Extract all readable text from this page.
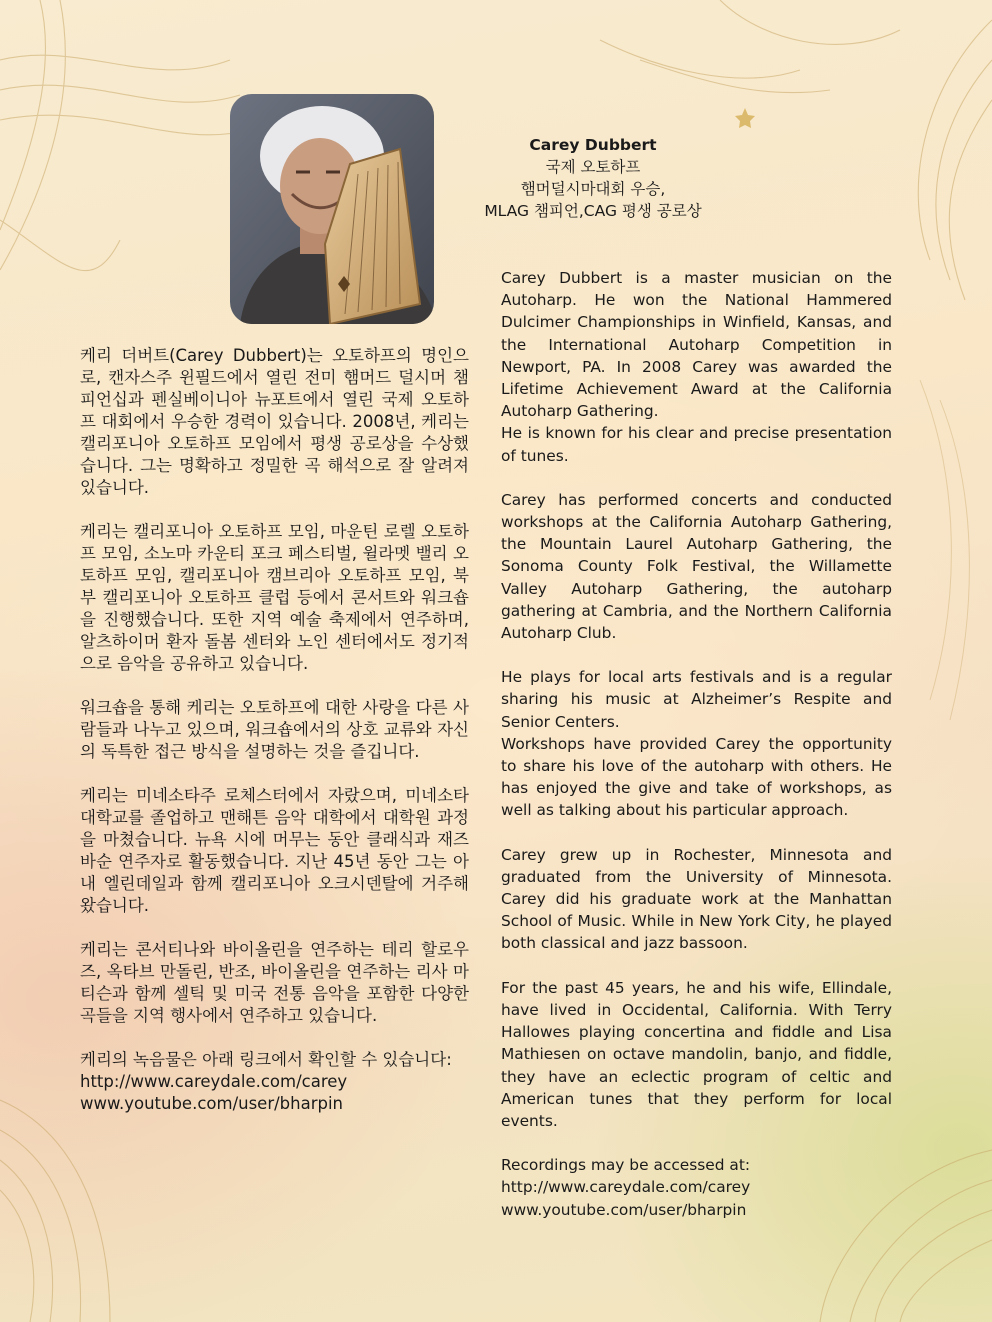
Carey Dubbert
국제 오토하프
햄머덜시마대회 우승,
MLAG 챔피언,CAG 평생 공로상

케리 더버트(Carey Dubbert)는 오토하프의 명인으로, 캔자스주 윈필드에서 열린 전미 햄머드 덜시머 챔피언십과 펜실베이니아 뉴포트에서 열린 국제 오토하프 대회에서 우승한 경력이 있습니다. 2008년, 케리는 캘리포니아 오토하프 모임에서 평생 공로상을 수상했습니다. 그는 명확하고 정밀한 곡 해석으로 잘 알려져 있습니다.

케리는 캘리포니아 오토하프 모임, 마운틴 로렐 오토하프 모임, 소노마 카운티 포크 페스티벌, 윌라멧 밸리 오토하프 모임, 캘리포니아 캠브리아 오토하프 모임, 북부 캘리포니아 오토하프 클럽 등에서 콘서트와 워크숍을 진행했습니다. 또한 지역 예술 축제에서 연주하며, 알츠하이머 환자 돌봄 센터와 노인 센터에서도 정기적으로 음악을 공유하고 있습니다.

워크숍을 통해 케리는 오토하프에 대한 사랑을 다른 사람들과 나누고 있으며, 워크숍에서의 상호 교류와 자신의 독특한 접근 방식을 설명하는 것을 즐깁니다.

케리는 미네소타주 로체스터에서 자랐으며, 미네소타 대학교를 졸업하고 맨해튼 음악 대학에서 대학원 과정을 마쳤습니다. 뉴욕 시에 머무는 동안 클래식과 재즈 바순 연주자로 활동했습니다. 지난 45년 동안 그는 아내 엘린데일과 함께 캘리포니아 오크시덴탈에 거주해 왔습니다.

케리는 콘서티나와 바이올린을 연주하는 테리 할로우즈, 옥타브 만돌린, 반조, 바이올린을 연주하는 리사 마티슨과 함께 셀틱 및 미국 전통 음악을 포함한 다양한 곡들을 지역 행사에서 연주하고 있습니다.

케리의 녹음물은 아래 링크에서 확인할 수 있습니다:
http://www.careydale.com/carey
www.youtube.com/user/bharpin

Carey Dubbert is a master musician on the Autoharp. He won the National Hammered Dulcimer Championships in Winfield, Kansas, and the International Autoharp Competition in Newport, PA. In 2008 Carey was awarded the Lifetime Achievement Award at the California Autoharp Gathering.

He is known for his clear and precise presentation of tunes.

Carey has performed concerts and conducted workshops at the California Autoharp Gathering, the Mountain Laurel Autoharp Gathering, the Sonoma County Folk Festival, the Willamette Valley Autoharp Gathering, the autoharp gathering at Cambria, and the Northern California Autoharp Club.

He plays for local arts festivals and is a regular sharing his music at Alzheimer’s Respite and Senior Centers.

Workshops have provided Carey the opportunity to share his love of the autoharp with others. He has enjoyed the give and take of workshops, as well as talking about his particular approach.

Carey grew up in Rochester, Minnesota and graduated from the University of Minnesota. Carey did his graduate work at the Manhattan School of Music. While in New York City, he played both classical and jazz bassoon.

For the past 45 years, he and his wife, Ellindale, have lived in Occidental, California. With Terry Hallowes playing concertina and fiddle and Lisa Mathiesen on octave mandolin, banjo, and fiddle, they have an eclectic program of celtic and American tunes that they perform for local events.

Recordings may be accessed at:
http://www.careydale.com/carey
www.youtube.com/user/bharpin
